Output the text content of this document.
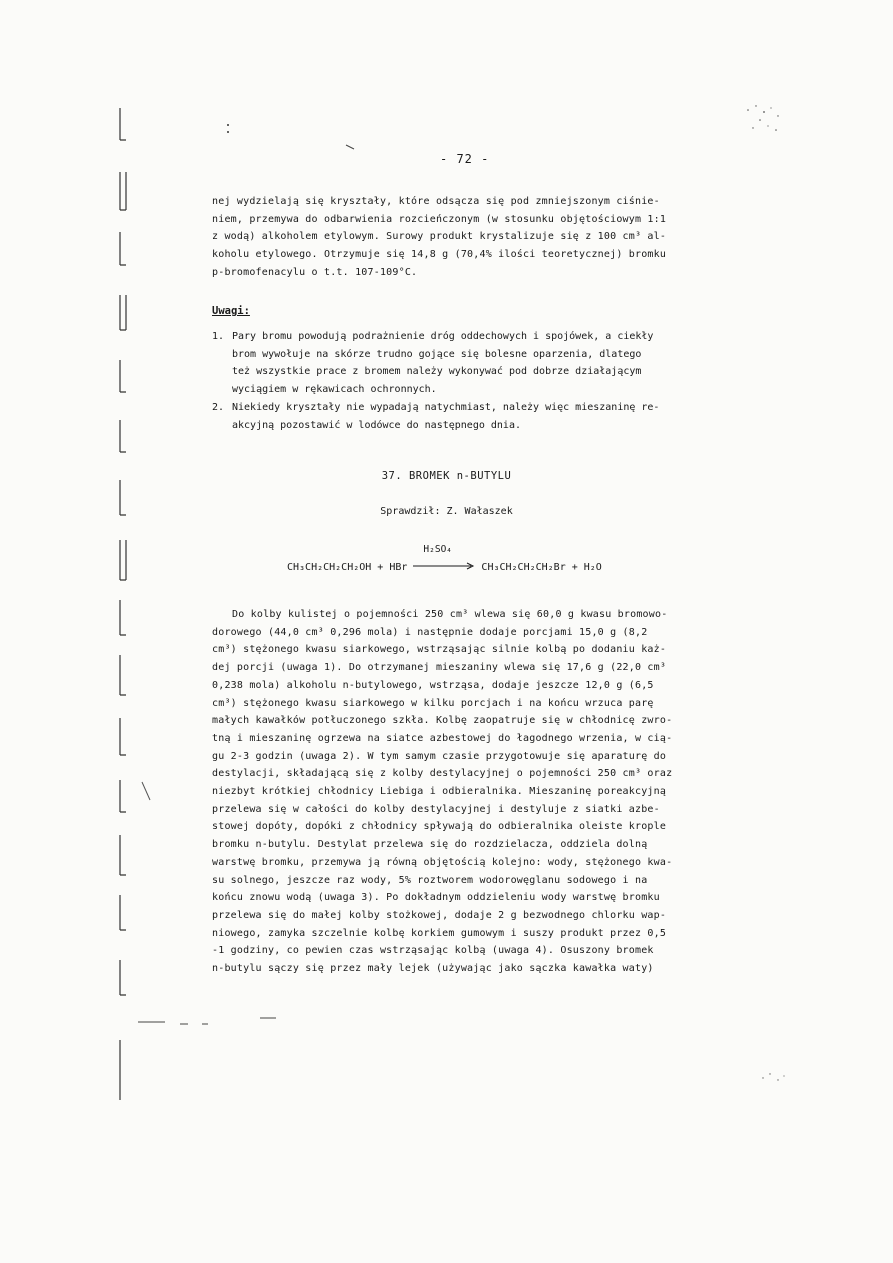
- 72 -

nej wydzielają się kryształy, które odsącza się pod zmniejszonym ciśnie-

niem, przemywa do odbarwienia rozcieńczonym (w stosunku objętościowym 1:1

z wodą) alkoholem etylowym. Surowy produkt krystalizuje się z 100 cm³ al-

koholu etylowego. Otrzymuje się 14,8 g (70,4% ilości teoretycznej) bromku

p-bromofenacylu o t.t. 107-109°C.

Uwagi:
1. Pary bromu powodują podrażnienie dróg oddechowych i spojówek, a ciekły
brom wywołuje na skórze trudno gojące się bolesne oparzenia, dlatego
też wszystkie prace z bromem należy wykonywać pod dobrze działającym
wyciągiem w rękawicach ochronnych.
2. Niekiedy kryształy nie wypadają natychmiast, należy więc mieszaninę re-
akcyjną pozostawić w lodówce do następnego dnia.
37. BROMEK n-BUTYLU
Sprawdził: Z. Wałaszek
CH₃CH₂CH₂CH₂OH + HBr
H₂SO₄
CH₃CH₂CH₂CH₂Br + H₂O

Do kolby kulistej o pojemności 250 cm³ wlewa się 60,0 g kwasu bromowo-

dorowego (44,0 cm³ 0,296 mola) i następnie dodaje porcjami 15,0 g (8,2

cm³) stężonego kwasu siarkowego, wstrząsając silnie kolbą po dodaniu każ-

dej porcji (uwaga 1). Do otrzymanej mieszaniny wlewa się 17,6 g (22,0 cm³

0,238 mola) alkoholu n-butylowego, wstrząsa, dodaje jeszcze 12,0 g (6,5

cm³) stężonego kwasu siarkowego w kilku porcjach i na końcu wrzuca parę

małych kawałków potłuczonego szkła. Kolbę zaopatruje się w chłodnicę zwro-

tną i mieszaninę ogrzewa na siatce azbestowej do łagodnego wrzenia, w cią-

gu 2-3 godzin (uwaga 2). W tym samym czasie przygotowuje się aparaturę do

destylacji, składającą się z kolby destylacyjnej o pojemności 250 cm³ oraz

niezbyt krótkiej chłodnicy Liebiga i odbieralnika. Mieszaninę poreakcyjną

przelewa się w całości do kolby destylacyjnej i destyluje z siatki azbe-

stowej dopóty, dopóki z chłodnicy spływają do odbieralnika oleiste krople

bromku n-butylu. Destylat przelewa się do rozdzielacza, oddziela dolną

warstwę bromku, przemywa ją równą objętością kolejno: wody, stężonego kwa-

su solnego, jeszcze raz wody, 5% roztworem wodorowęglanu sodowego i na

końcu znowu wodą (uwaga 3). Po dokładnym oddzieleniu wody warstwę bromku

przelewa się do małej kolby stożkowej, dodaje 2 g bezwodnego chlorku wap-

niowego, zamyka szczelnie kolbę korkiem gumowym i suszy produkt przez 0,5

-1 godziny, co pewien czas wstrząsając kolbą (uwaga 4). Osuszony bromek

n-butylu sączy się przez mały lejek (używając jako sączka kawałka waty)
